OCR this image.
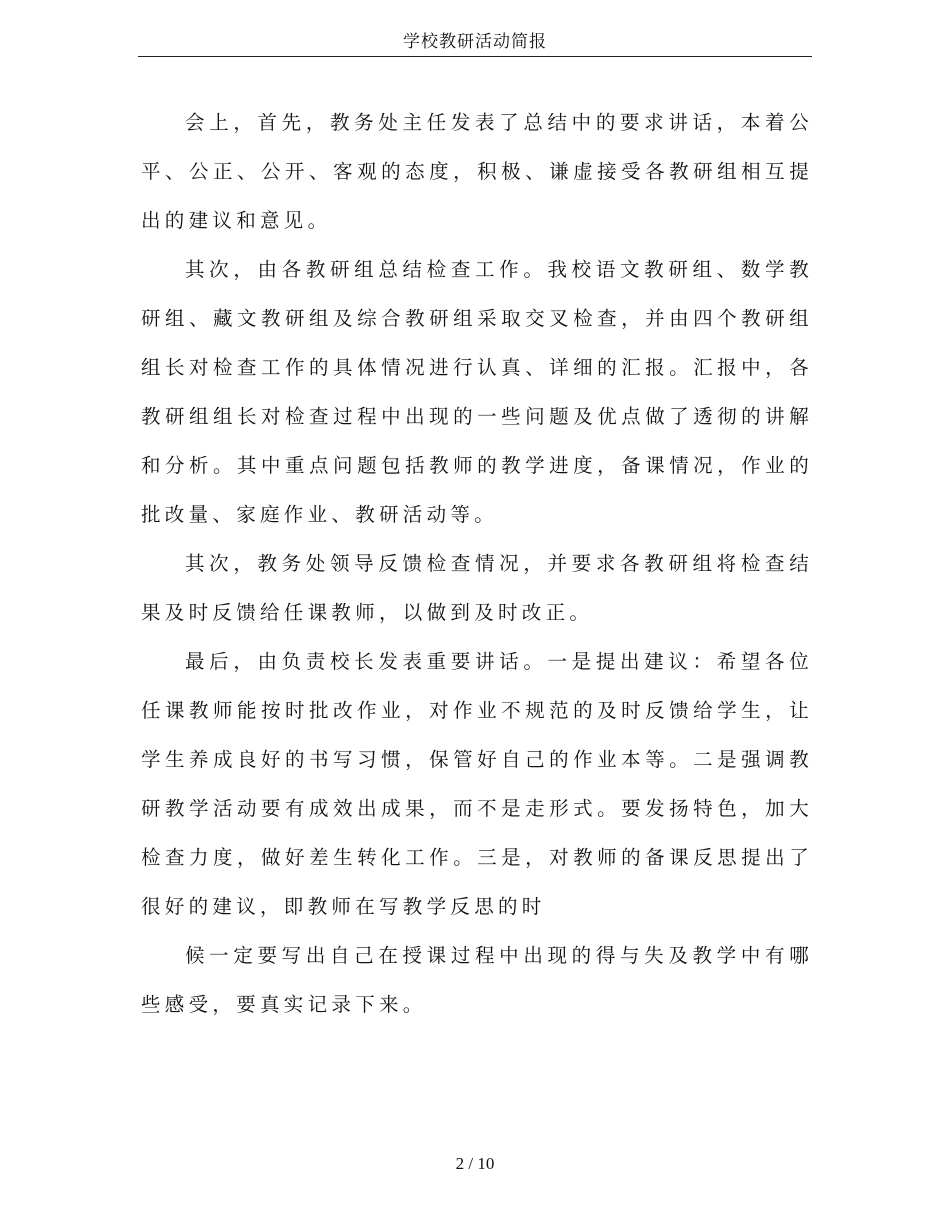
学校教研活动简报

会上，首先，教务处主任发表了总结中的要求讲话，本着公平、公正、公开、客观的态度，积极、谦虚接受各教研组相互提出的建议和意见。

其次，由各教研组总结检查工作。我校语文教研组、数学教研组、藏文教研组及综合教研组采取交叉检查，并由四个教研组组长对检查工作的具体情况进行认真、详细的汇报。汇报中，各教研组组长对检查过程中出现的一些问题及优点做了透彻的讲解和分析。其中重点问题包括教师的教学进度，备课情况，作业的批改量、家庭作业、教研活动等。

其次，教务处领导反馈检查情况，并要求各教研组将检查结果及时反馈给任课教师，以做到及时改正。

最后，由负责校长发表重要讲话。一是提出建议：希望各位任课教师能按时批改作业，对作业不规范的及时反馈给学生，让学生养成良好的书写习惯，保管好自己的作业本等。二是强调教研教学活动要有成效出成果，而不是走形式。要发扬特色，加大检查力度，做好差生转化工作。三是，对教师的备课反思提出了很好的建议，即教师在写教学反思的时

候一定要写出自己在授课过程中出现的得与失及教学中有哪些感受，要真实记录下来。

2 / 10
